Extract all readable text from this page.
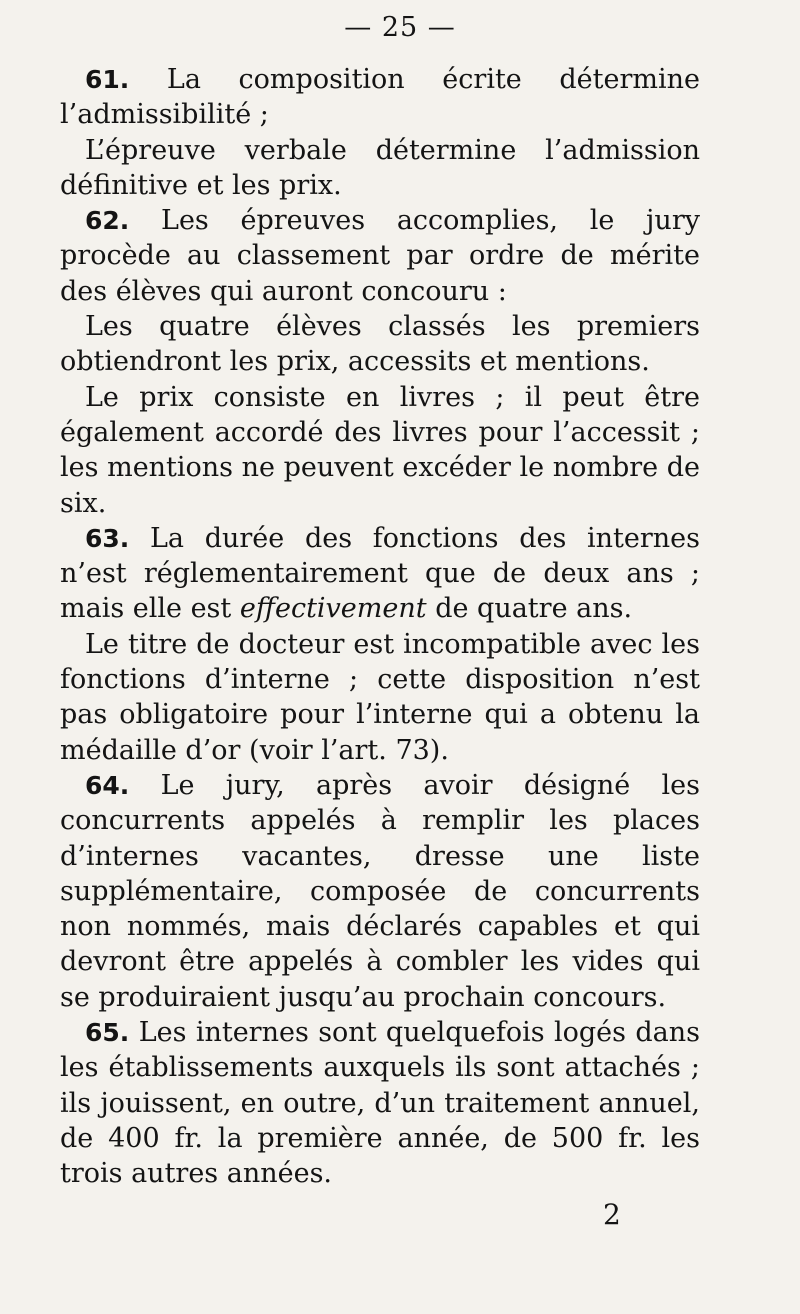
— 25 —

61. La composition écrite détermine l’admissibilité ;

L’épreuve verbale détermine l’admission définitive et les prix.

62. Les épreuves accomplies, le jury procède au classement par ordre de mérite des élèves qui auront concouru :

Les quatre élèves classés les premiers obtiendront les prix, accessits et mentions.

Le prix consiste en livres ; il peut être également accordé des livres pour l’accessit ; les mentions ne peuvent excéder le nombre de six.

63. La durée des fonctions des internes n’est réglementairement que de deux ans ; mais elle est effectivement de quatre ans.

Le titre de docteur est incompatible avec les fonctions d’interne ; cette disposition n’est pas obligatoire pour l’interne qui a obtenu la médaille d’or (voir l’art. 73).

64. Le jury, après avoir désigné les concurrents appelés à remplir les places d’internes vacantes, dresse une liste supplémentaire, composée de concurrents non nommés, mais déclarés capables et qui devront être appelés à combler les vides qui se produiraient jusqu’au prochain concours.

65. Les internes sont quelquefois logés dans les établissements auxquels ils sont attachés ; ils jouissent, en outre, d’un traitement annuel, de 400 fr. la première année, de 500 fr. les trois autres années.

2
